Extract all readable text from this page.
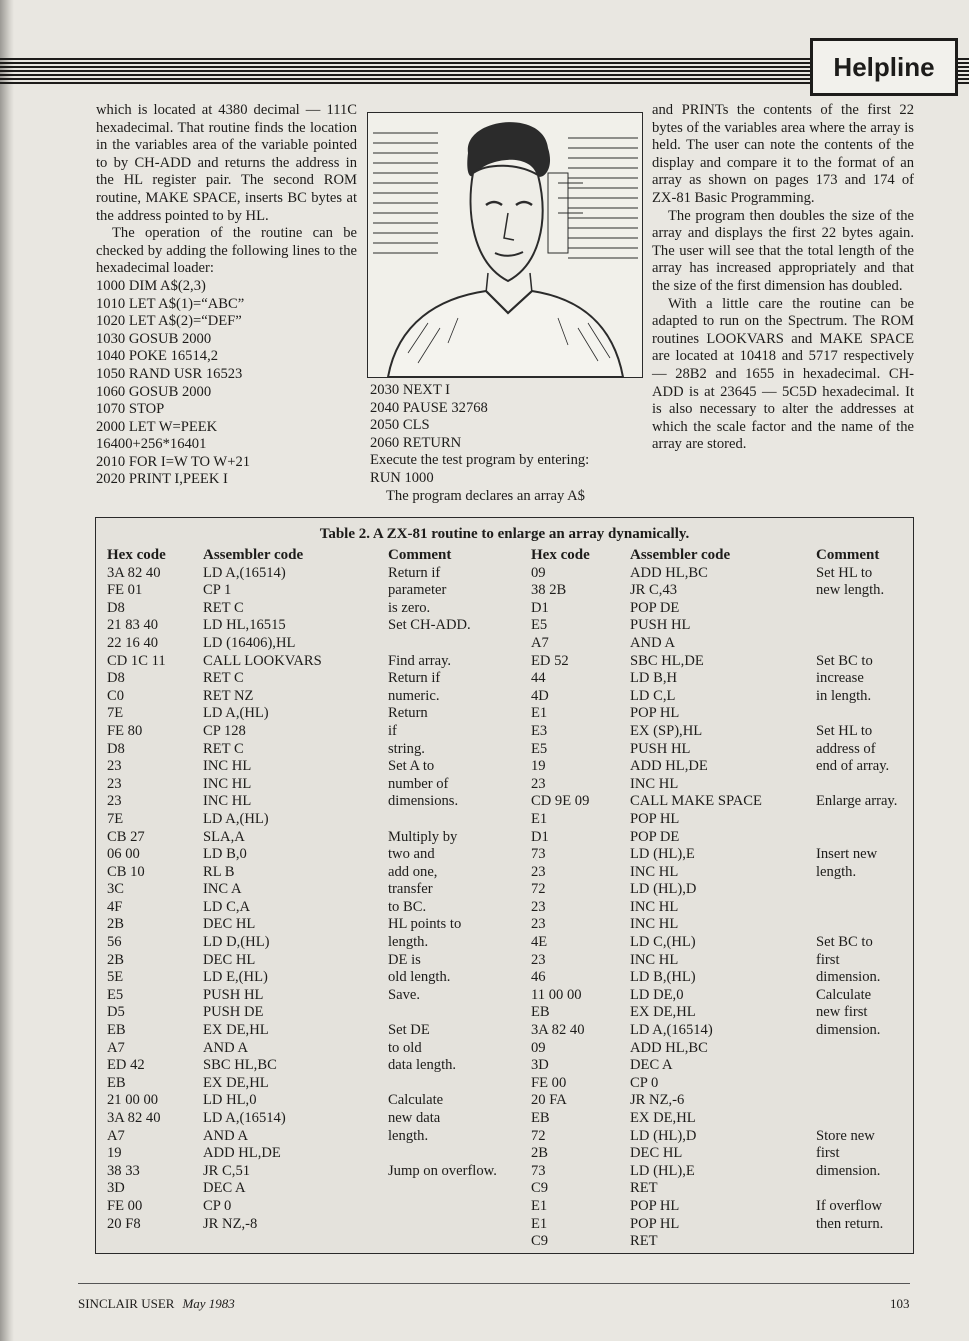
Helpline

which is located at 4380 decimal — 111C hexadecimal. That routine finds the location in the variables area of the variable pointed to by CH-ADD and returns the address in the HL register pair. The second ROM routine, MAKE SPACE, inserts BC bytes at the address pointed to by HL.

The operation of the routine can be checked by adding the following lines to the hexadecimal loader:

1000 DIM A$(2,3)
1010 LET A$(1)=“ABC”
1020 LET A$(2)=“DEF”
1030 GOSUB 2000
1040 POKE 16514,2
1050 RAND USR 16523
1060 GOSUB 2000
1070 STOP
2000 LET W=PEEK
16400+256*16401
2010 FOR I=W TO W+21
2020 PRINT I,PEEK I
2030 NEXT I
2040 PAUSE 32768
2050 CLS
2060 RETURN

Execute the test program by entering:

RUN 1000

The program declares an array A$

and PRINTs the contents of the first 22 bytes of the variables area where the array is held. The user can note the contents of the display and compare it to the format of an array as shown on pages 173 and 174 of ZX-81 Basic Programming.

The program then doubles the size of the array and displays the first 22 bytes again. The user will see that the total length of the array has increased appropriately and that the size of the first dimension has doubled.

With a little care the routine can be adapted to run on the Spectrum. The ROM routines LOOKVARS and MAKE SPACE are located at 10418 and 5717 respectively — 28B2 and 1655 in hexadecimal. CH-ADD is at 23645 — 5C5D hexadecimal. It is also necessary to alter the addresses at which the scale factor and the name of the array are stored.

Table 2. A ZX-81 routine to enlarge an array dynamically.
Hex code
3A 82 40
FE 01
D8
21 83 40
22 16 40
CD 1C 11
D8
C0
7E
FE 80
D8
23
23
23
7E
CB 27
06 00
CB 10
3C
4F
2B
56
2B
5E
E5
D5
EB
A7
ED 42
EB
21 00 00
3A 82 40
A7
19
38 33
3D
FE 00
20 F8
Assembler code
LD A,(16514)
CP 1
RET C
LD HL,16515
LD (16406),HL
CALL LOOKVARS
RET C
RET NZ
LD A,(HL)
CP 128
RET C
INC HL
INC HL
INC HL
LD A,(HL)
SLA,A
LD B,0
RL B
INC A
LD C,A
DEC HL
LD D,(HL)
DEC HL
LD E,(HL)
PUSH HL
PUSH DE
EX DE,HL
AND A
SBC HL,BC
EX DE,HL
LD HL,0
LD A,(16514)
AND A
ADD HL,DE
JR C,51
DEC A
CP 0
JR NZ,-8
Comment
Return if
parameter
is zero.
Set CH-ADD.
Find array.
Return if
numeric.
Return
if
string.
Set A to
number of
dimensions.
Multiply by
two and
add one,
transfer
to BC.
HL points to
length.
DE is
old length.
Save.
Set DE
to old
data length.
Calculate
new data
length.
Jump on overflow.
Hex code
09
38 2B
D1
E5
A7
ED 52
44
4D
E1
E3
E5
19
23
CD 9E 09
E1
D1
73
23
72
23
23
4E
23
46
11 00 00
EB
3A 82 40
09
3D
FE 00
20 FA
EB
72
2B
73
C9
E1
E1
C9
Assembler code
ADD HL,BC
JR C,43
POP DE
PUSH HL
AND A
SBC HL,DE
LD B,H
LD C,L
POP HL
EX (SP),HL
PUSH HL
ADD HL,DE
INC HL
CALL MAKE SPACE
POP HL
POP DE
LD (HL),E
INC HL
LD (HL),D
INC HL
INC HL
LD C,(HL)
INC HL
LD B,(HL)
LD DE,0
EX DE,HL
LD A,(16514)
ADD HL,BC
DEC A
CP 0
JR NZ,-6
EX DE,HL
LD (HL),D
DEC HL
LD (HL),E
RET
POP HL
POP HL
RET
Comment
Set HL to
new length.
Set BC to
increase
in length.
Set HL to
address of
end of array.
Enlarge array.
Insert new
length.
Set BC to
first
dimension.
Calculate
new first
dimension.
Store new
first
dimension.
If overflow
then return.
SINCLAIR USER May 1983	103
